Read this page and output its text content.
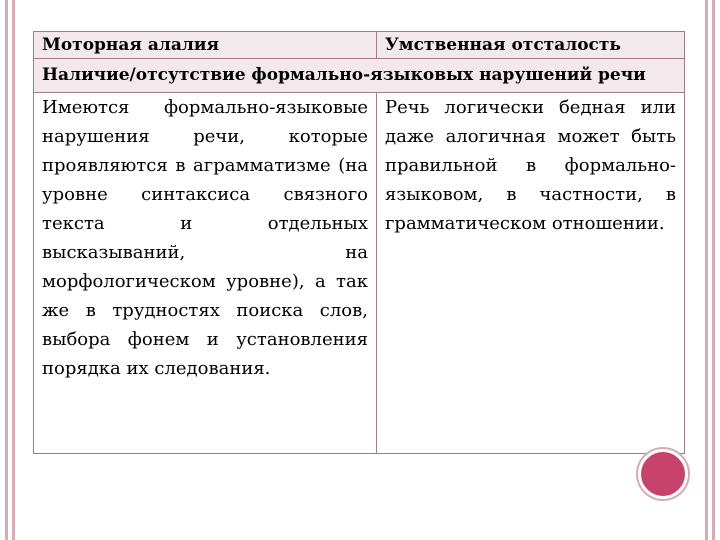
Моторная алалия	Умственная отсталость
Наличие/отсутствие формально-языковых нарушений речи	
Имеются формально-языковые нарушения речи, которые проявляются в аграмматизме (на уровне синтаксиса связного текста и отдельных высказываний, на морфологическом уровне), а так же в трудностях поиска слов, выбора фонем и установления порядка их следования.	Речь логически бедная или даже алогичная может быть правильной в формально-языковом, в частности, в грамматическом отношении.
